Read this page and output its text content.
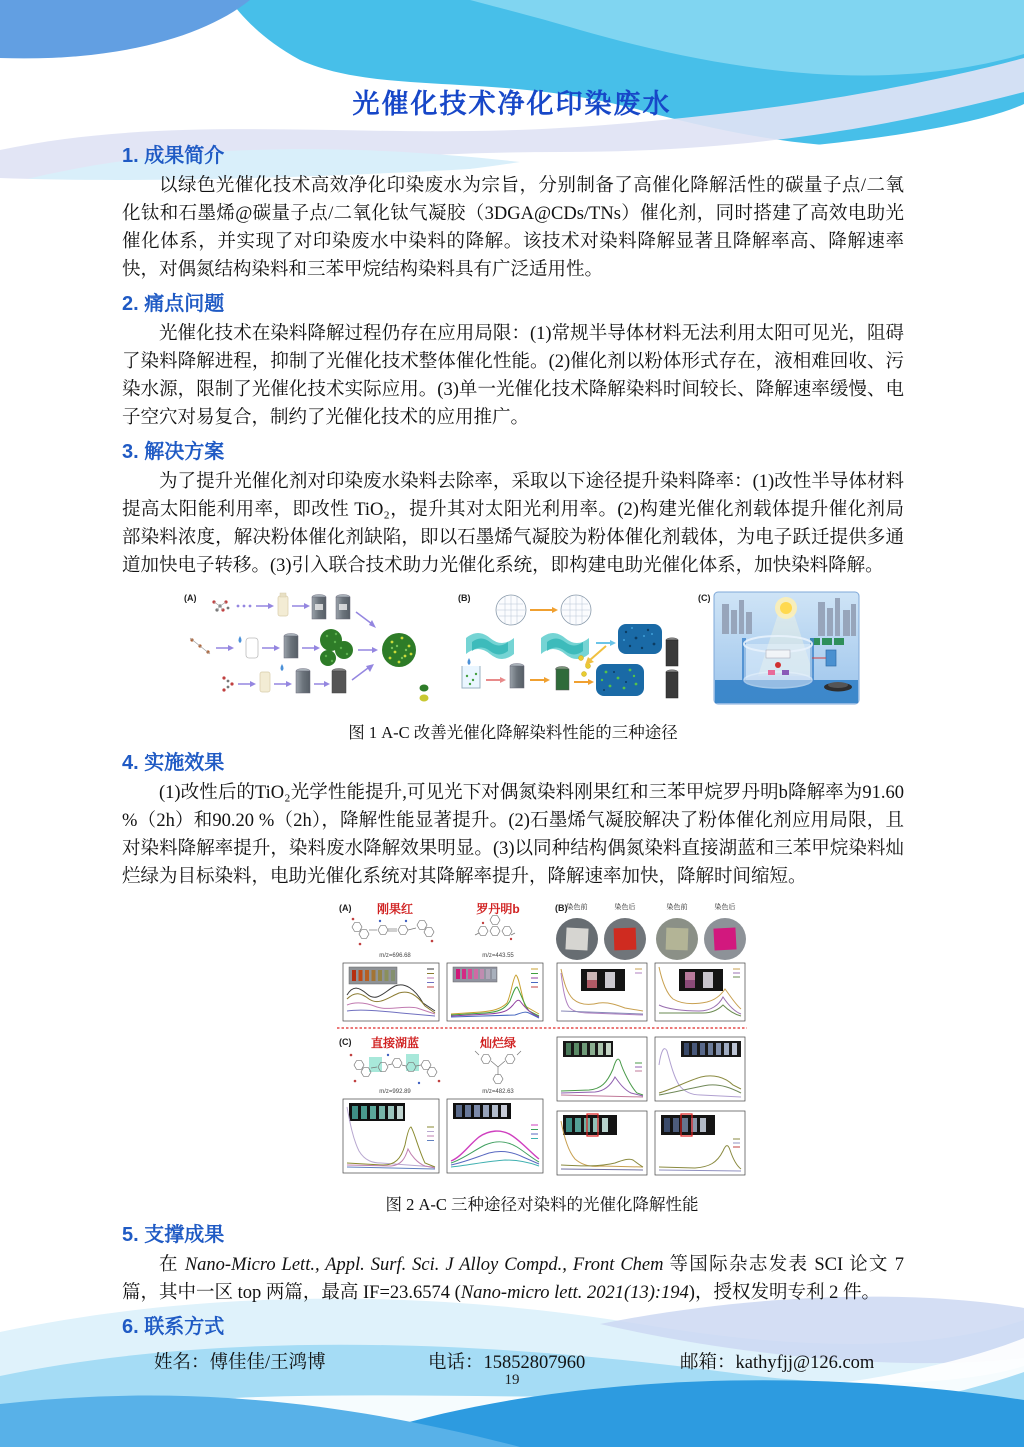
光催化技术净化印染废水
1. 成果简介

以绿色光催化技术高效净化印染废水为宗旨，分别制备了高催化降解活性的碳量子点/二氧化钛和石墨烯@碳量子点/二氧化钛气凝胶（3DGA@CDs/TNs）催化剂，同时搭建了高效电助光催化体系，并实现了对印染废水中染料的降解。该技术对染料降解显著且降解率高、降解速率快，对偶氮结构染料和三苯甲烷结构染料具有广泛适用性。

2. 痛点问题

光催化技术在染料降解过程仍存在应用局限：(1)常规半导体材料无法利用太阳可见光，阻碍了染料降解进程，抑制了光催化技术整体催化性能。(2)催化剂以粉体形式存在，液相难回收、污染水源，限制了光催化技术实际应用。(3)单一光催化技术降解染料时间较长、降解速率缓慢、电子空穴对易复合，制约了光催化技术的应用推广。

3. 解决方案

为了提升光催化剂对印染废水染料去除率，采取以下途径提升染料降率：(1)改性半导体材料提高太阳能利用率，即改性 TiO₂，提升其对太阳光利用率。(2)构建光催化剂载体提升催化剂局部染料浓度，解决粉体催化剂缺陷，即以石墨烯气凝胶为粉体催化剂载体，为电子跃迁提供多通道加快电子转移。(3)引入联合技术助力光催化系统，即构建电助光催化体系，加快染料降解。

(A)	(B)	(C)
图 1 A-C 改善光催化降解染料性能的三种途径
4. 实施效果

(1)改性后的TiO₂光学性能提升,可见光下对偶氮染料刚果红和三苯甲烷罗丹明b降解率为91.60 %（2h）和90.20 %（2h），降解性能显著提升。(2)石墨烯气凝胶解决了粉体催化剂应用局限，且对染料降解率提升，染料废水降解效果明显。(3)以同种结构偶氮染料直接湖蓝和三苯甲烷染料灿烂绿为目标染料，电助光催化系统对其降解率提升，降解速率加快，降解时间缩短。

(A) 刚果红	罗丹明b
m/z=696.68	m/z=443.55
(B) 染色前	染色后	染色前	染色后
(C) 直接湖蓝	灿烂绿
m/z=992.89	m/z=482.63
图 2 A-C 三种途径对染料的光催化降解性能
5. 支撑成果

在 Nano-Micro Lett., Appl. Surf. Sci. J Alloy Compd., Front Chem 等国际杂志发表 SCI 论文 7篇，其中一区 top 两篇，最高 IF=23.6574 (Nano-micro lett. 2021(13):194)，授权发明专利 2 件。

6. 联系方式
姓名：傅佳佳/王鸿博	电话：15852807960	邮箱：kathyfjj@126.com
19
